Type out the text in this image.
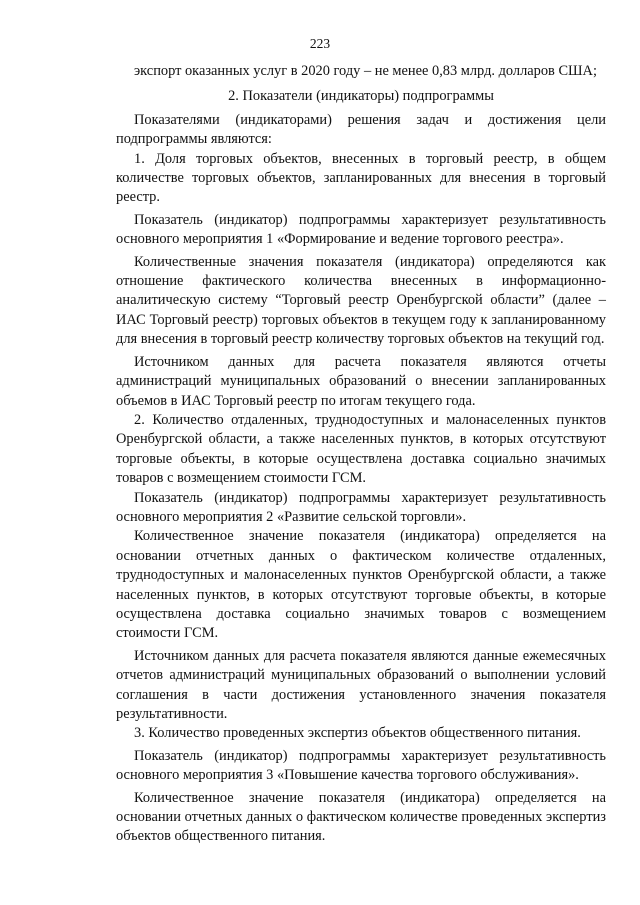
223

экспорт оказанных услуг в 2020 году – не менее 0,83 млрд. долларов США;

2. Показатели (индикаторы) подпрограммы

Показателями (индикаторами) решения задач и достижения цели подпрограммы являются:

1. Доля торговых объектов, внесенных в торговый реестр, в общем количестве торговых объектов, запланированных для внесения в торговый реестр.

Показатель (индикатор) подпрограммы характеризует результативность основного мероприятия 1 «Формирование и ведение торгового реестра».

Количественные значения показателя (индикатора) определяются как отношение фактического количества внесенных в информационно-аналитическую систему “Торговый реестр Оренбургской области” (далее – ИАС Торговый реестр) торговых объектов в текущем году к запланированному для внесения в торговый реестр количеству торговых объектов на текущий год.

Источником данных для расчета показателя являются отчеты администраций муниципальных образований о внесении запланированных объемов в ИАС Торговый реестр по итогам текущего года.

2. Количество отдаленных, труднодоступных и малонаселенных пунктов Оренбургской области, а также населенных пунктов, в которых отсутствуют торговые объекты, в которые осуществлена доставка социально значимых товаров с возмещением стоимости ГСМ.

Показатель (индикатор) подпрограммы характеризует результативность основного мероприятия 2 «Развитие сельской торговли».

Количественное значение показателя (индикатора) определяется на основании отчетных данных о фактическом количестве отдаленных, труднодоступных и малонаселенных пунктов Оренбургской области, а также населенных пунктов, в которых отсутствуют торговые объекты, в которые осуществлена доставка социально значимых товаров с возмещением стоимости ГСМ.

Источником данных для расчета показателя являются данные ежемесячных отчетов администраций муниципальных образований о выполнении условий соглашения в части достижения установленного значения показателя результативности.

3. Количество проведенных экспертиз объектов общественного питания.

Показатель (индикатор) подпрограммы характеризует результативность основного мероприятия 3 «Повышение качества торгового обслуживания».

Количественное значение показателя (индикатора) определяется на основании отчетных данных о фактическом количестве проведенных экспертиз объектов общественного питания.
